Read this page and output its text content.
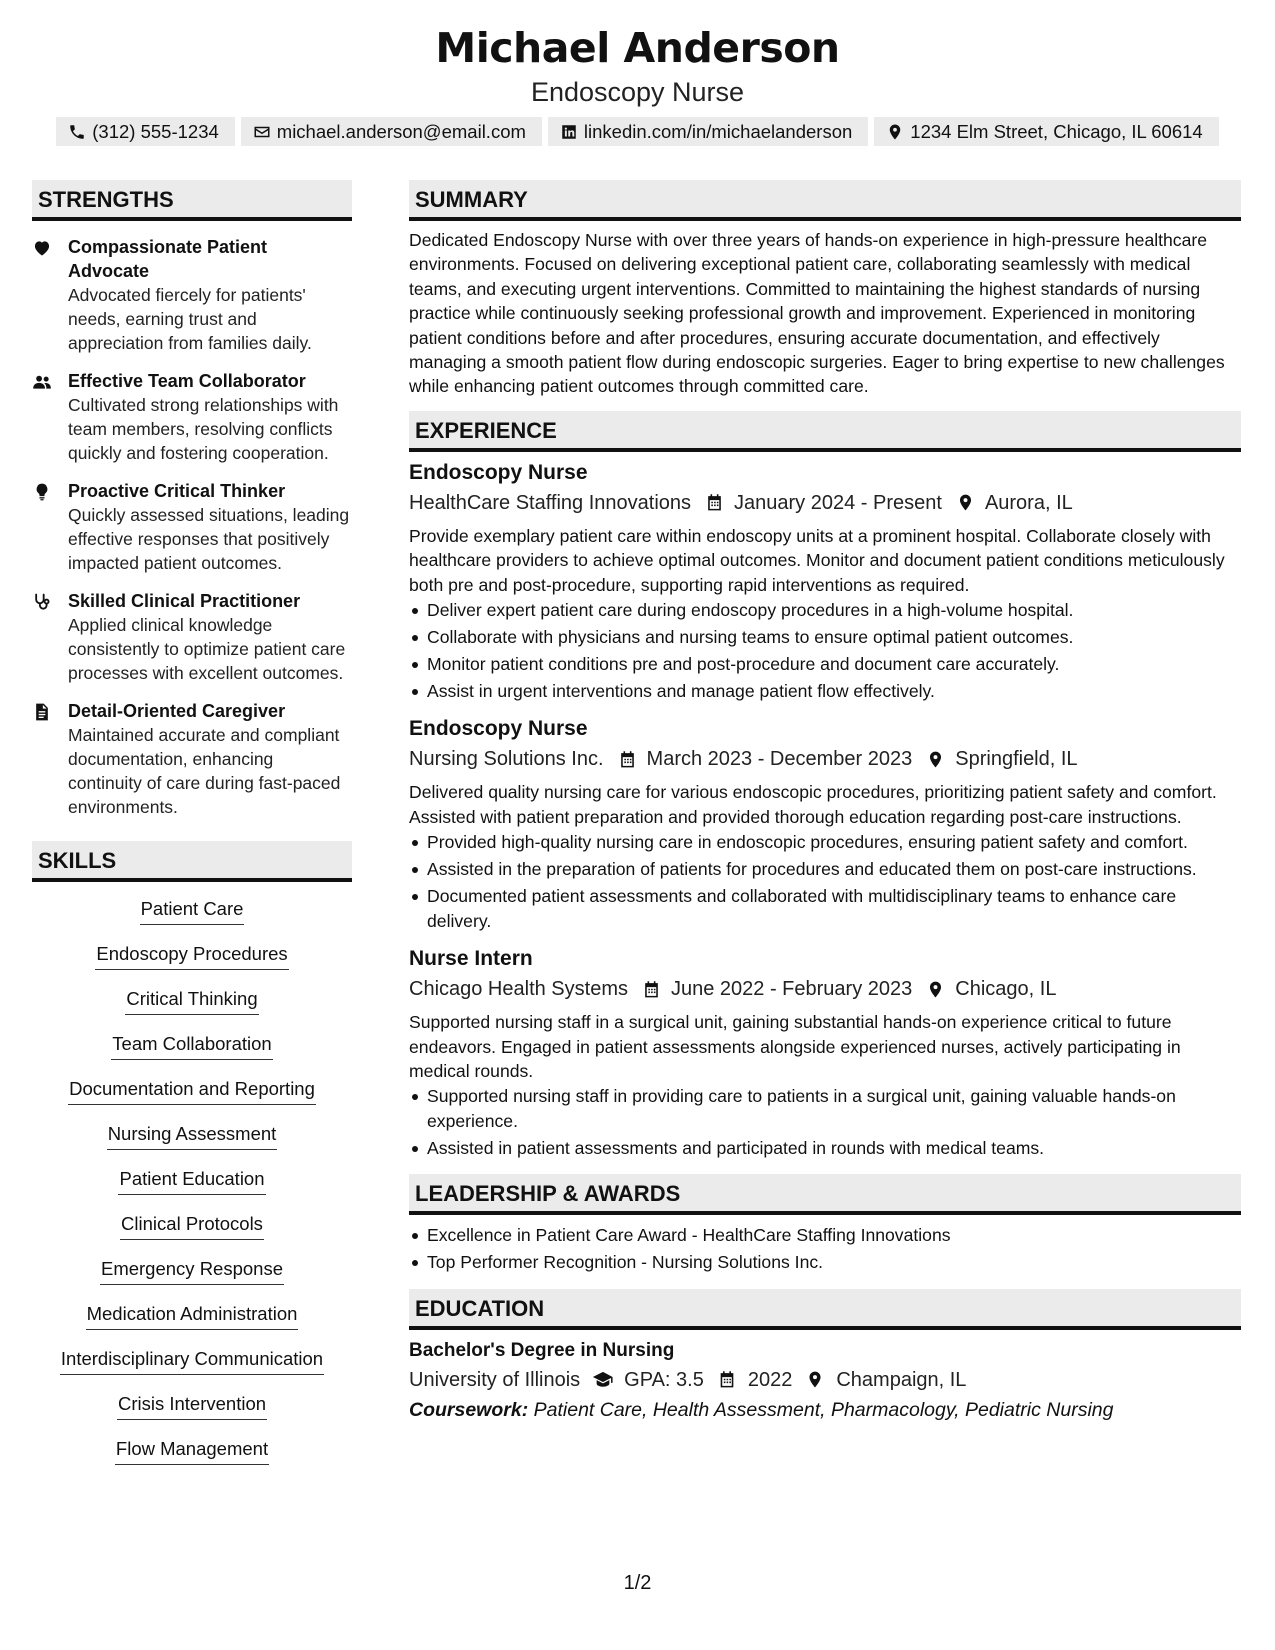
Michael Anderson
Endoscopy Nurse
(312) 555-1234	michael.anderson@email.com	linkedin.com/in/michaelanderson	1234 Elm Street, Chicago, IL 60614
STRENGTHS
Compassionate Patient Advocate
Advocated fiercely for patients' needs, earning trust and appreciation from families daily.
Effective Team Collaborator
Cultivated strong relationships with team members, resolving conflicts quickly and fostering cooperation.
Proactive Critical Thinker
Quickly assessed situations, leading effective responses that positively impacted patient outcomes.
Skilled Clinical Practitioner
Applied clinical knowledge consistently to optimize patient care processes with excellent outcomes.
Detail-Oriented Caregiver
Maintained accurate and compliant documentation, enhancing continuity of care during fast-paced environments.
SKILLS
Patient Care
Endoscopy Procedures
Critical Thinking
Team Collaboration
Documentation and Reporting
Nursing Assessment
Patient Education
Clinical Protocols
Emergency Response
Medication Administration
Interdisciplinary Communication
Crisis Intervention
Flow Management
SUMMARY

Dedicated Endoscopy Nurse with over three years of hands-on experience in high-pressure healthcare environments. Focused on delivering exceptional patient care, collaborating seamlessly with medical teams, and executing urgent interventions. Committed to maintaining the highest standards of nursing practice while continuously seeking professional growth and improvement. Experienced in monitoring patient conditions before and after procedures, ensuring accurate documentation, and effectively managing a smooth patient flow during endoscopic surgeries. Eager to bring expertise to new challenges while enhancing patient outcomes through committed care.

EXPERIENCE
Endoscopy Nurse
HealthCare Staffing Innovations January 2024 - Present Aurora, IL

Provide exemplary patient care within endoscopy units at a prominent hospital. Collaborate closely with healthcare providers to achieve optimal outcomes. Monitor and document patient conditions meticulously both pre and post-procedure, supporting rapid interventions as required.

Deliver expert patient care during endoscopy procedures in a high-volume hospital.
Collaborate with physicians and nursing teams to ensure optimal patient outcomes.
Monitor patient conditions pre and post-procedure and document care accurately.
Assist in urgent interventions and manage patient flow effectively.
Endoscopy Nurse
Nursing Solutions Inc. March 2023 - December 2023 Springfield, IL

Delivered quality nursing care for various endoscopic procedures, prioritizing patient safety and comfort. Assisted with patient preparation and provided thorough education regarding post-care instructions.

Provided high-quality nursing care in endoscopic procedures, ensuring patient safety and comfort.
Assisted in the preparation of patients for procedures and educated them on post-care instructions.
Documented patient assessments and collaborated with multidisciplinary teams to enhance care delivery.
Nurse Intern
Chicago Health Systems June 2022 - February 2023 Chicago, IL

Supported nursing staff in a surgical unit, gaining substantial hands-on experience critical to future endeavors. Engaged in patient assessments alongside experienced nurses, actively participating in medical rounds.

Supported nursing staff in providing care to patients in a surgical unit, gaining valuable hands-on experience.
Assisted in patient assessments and participated in rounds with medical teams.
LEADERSHIP & AWARDS
Excellence in Patient Care Award - HealthCare Staffing Innovations
Top Performer Recognition - Nursing Solutions Inc.
EDUCATION
Bachelor's Degree in Nursing
University of Illinois GPA: 3.5 2022 Champaign, IL
Coursework: Patient Care, Health Assessment, Pharmacology, Pediatric Nursing
1/2
